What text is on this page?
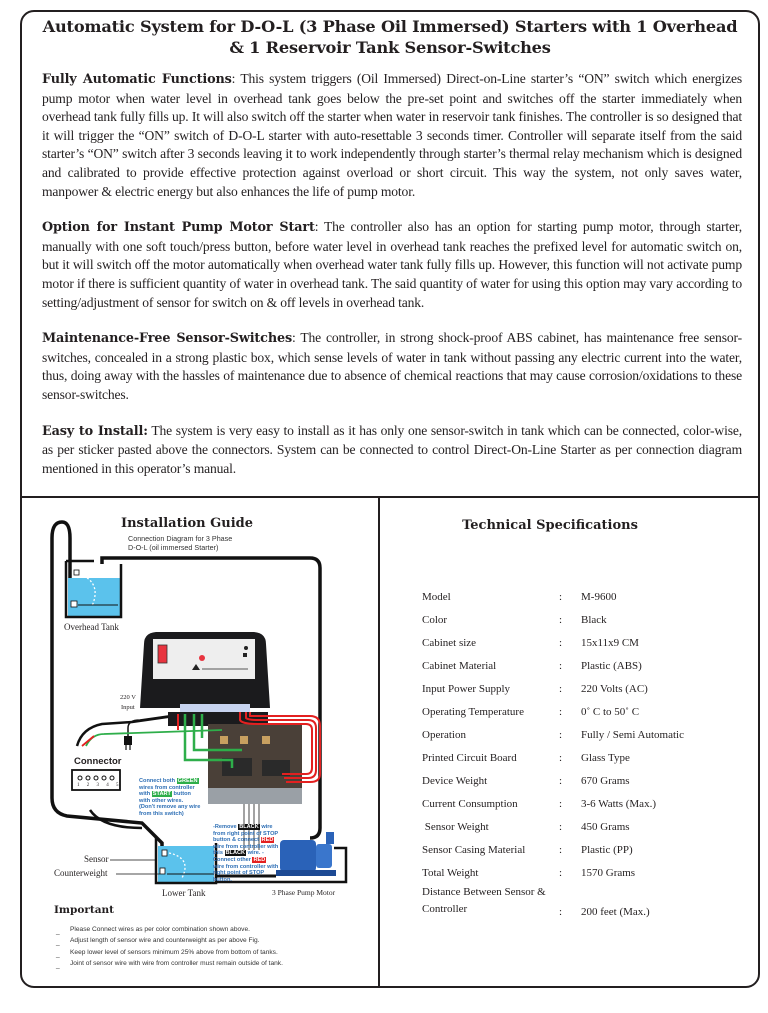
Automatic System for D-O-L (3 Phase Oil Immersed) Starters with 1 Overhead & 1 Reservoir Tank Sensor-Switches

Fully Automatic Functions: This system triggers (Oil Immersed) Direct-on-Line starter’s “ON” switch which energizes pump motor when water level in overhead tank goes below the pre-set point and switches off the starter immediately when overhead tank fully fills up. It will also switch off the starter when water in reservoir tank finishes. The controller is so designed that it will trigger the “ON” switch of D-O-L starter with auto-resettable 3 seconds timer. Controller will separate itself from the said starter’s “ON” switch after 3 seconds leaving it to work independently through starter’s thermal relay mechanism which is designed and calibrated to provide effective protection against overload or short circuit. This way the system, not only saves water, manpower & electric energy but also enhances the life of pump motor.

Option for Instant Pump Motor Start: The controller also has an option for starting pump motor, through starter, manually with one soft touch/press button, before water level in overhead tank reaches the prefixed level for automatic switch on, but it will switch off the motor automatically when overhead water tank fully fills up. However, this function will not activate pump motor if there is sufficient quantity of water in overhead tank. The said quantity of water for using this option may vary according to setting/adjustment of sensor for switch on & off levels in overhead tank.

Maintenance-Free Sensor-Switches: The controller, in strong shock-proof ABS cabinet, has maintenance free sensor-switches, concealed in a strong plastic box, which sense levels of water in tank without passing any electric current into the water, thus, doing away with the hassles of maintenance due to absence of chemical reactions that may cause corrosion/oxidations to these sensor-switches.

Easy to Install: The system is very easy to install as it has only one sensor-switch in tank which can be connected, color-wise, as per sticker pasted above the connectors. System can be connected to control Direct-On-Line Starter as per connection diagram mentioned in this operator’s manual.

Installation Guide
Connection Diagram for 3 Phase
D-O-L (oil immersed Starter)
Overhead Tank
220 V
Input
Connector
1 2 3 4 5
Sensor
Counterweight
Lower Tank	3 Phase Pump Motor
Connect both GREEN wires from controller with START button with other wires.
(Don't remove any wire from this switch)
-Remove BLACK wire from right point of STOP button & connect RED wire from controller with this BLACK wire. -Connect other RED wire from controller with right point of STOP button.
Important
_ Please Connect wires as per color combination shown above.
_ Adjust length of sensor wire and counterweight as per above Fig.
_ Keep lower level of sensors minimum 25% above from bottom of tanks.
_ Joint of sensor wire with wire from controller must remain outside of tank.
Technical Specifications
Model	:	M-9600
Color	:	Black
Cabinet size	:	15x11x9 CM
Cabinet Material	:	Plastic (ABS)
Input Power Supply	:	220 Volts (AC)
Operating Temperature	:	0˚ C to 50˚ C
Operation	:	Fully / Semi Automatic
Printed Circuit Board	:	Glass Type
Device Weight	:	670 Grams
Current Consumption	:	3-6 Watts (Max.)
Sensor Weight	:	450 Grams
Sensor Casing Material	:	Plastic (PP)
Total Weight	:	1570 Grams
Distance Between Sensor & Controller	:	200 feet (Max.)
